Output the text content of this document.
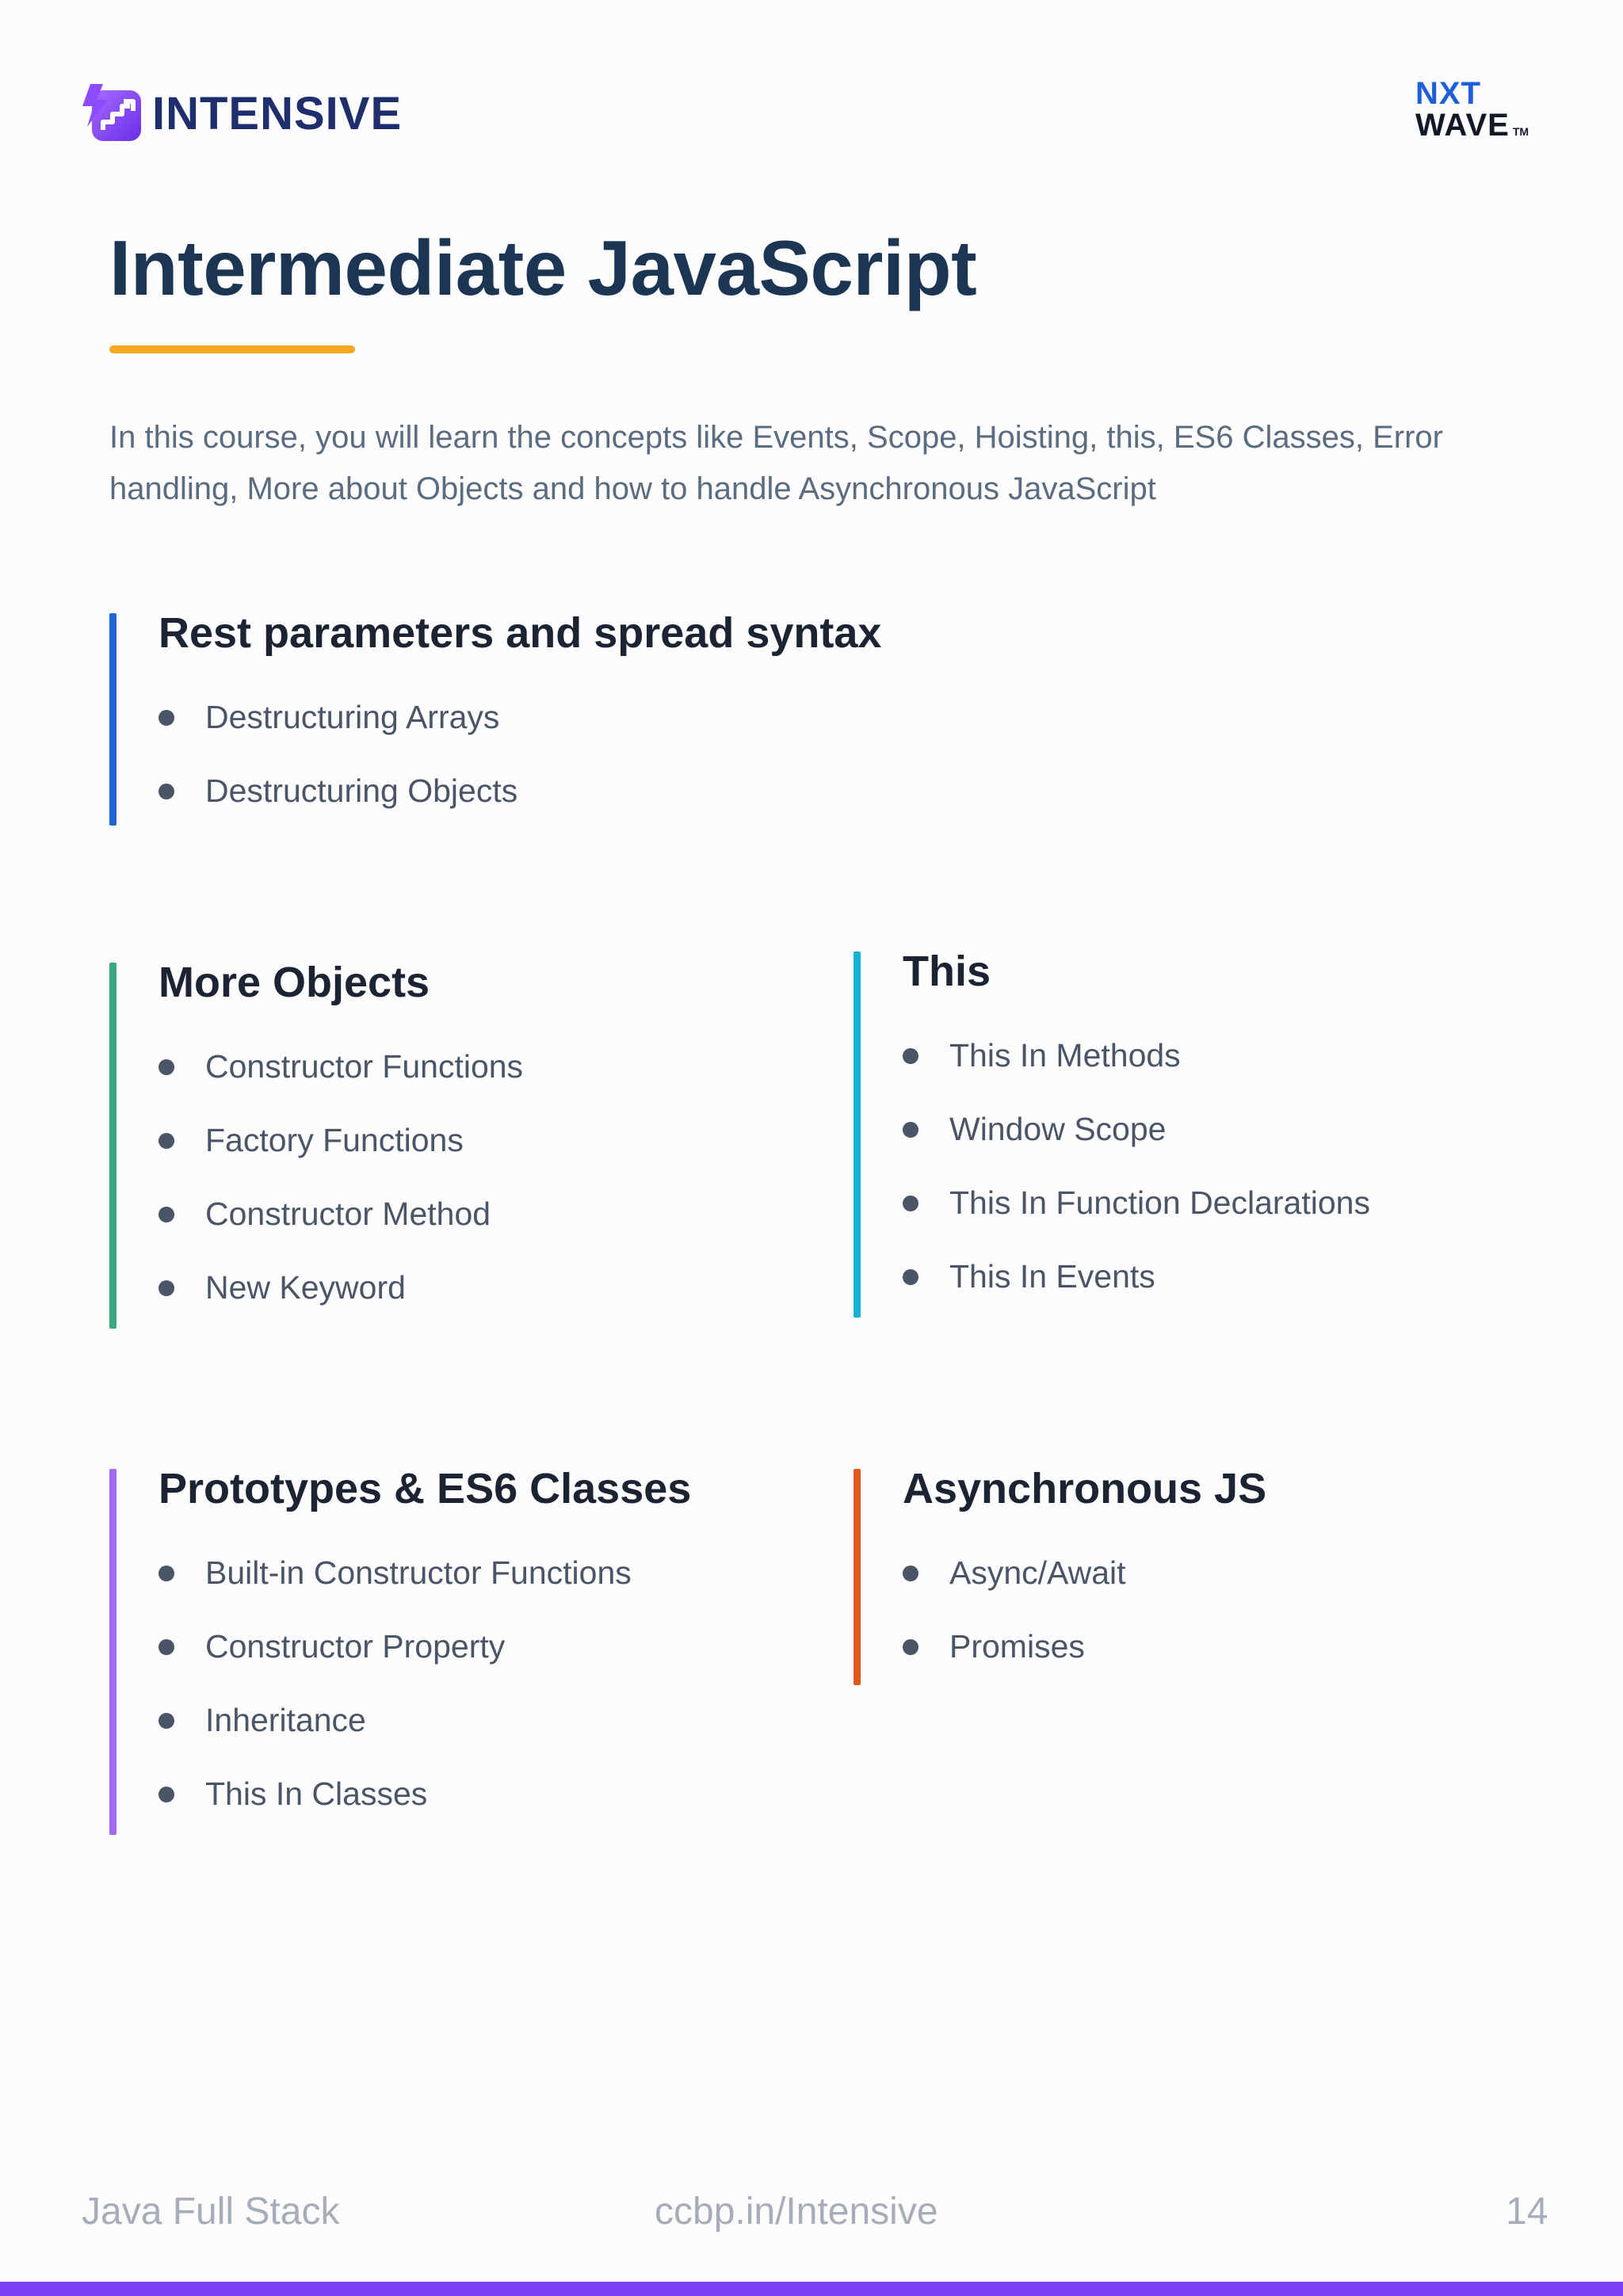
INTENSIVE	NXT
WAVE TM
Intermediate JavaScript

In this course, you will learn the concepts like Events, Scope, Hoisting, this, ES6 Classes, Error handling, More about Objects and how to handle Asynchronous JavaScript

Rest parameters and spread syntax
Destructuring Arrays
Destructuring Objects
More Objects
Constructor Functions
Factory Functions
Constructor Method
New Keyword
This
This In Methods
Window Scope
This In Function Declarations
This In Events
Prototypes & ES6 Classes
Built-in Constructor Functions
Constructor Property
Inheritance
This In Classes
Asynchronous JS
Async/Await
Promises
Java Full Stack	ccbp.in/Intensive	14
